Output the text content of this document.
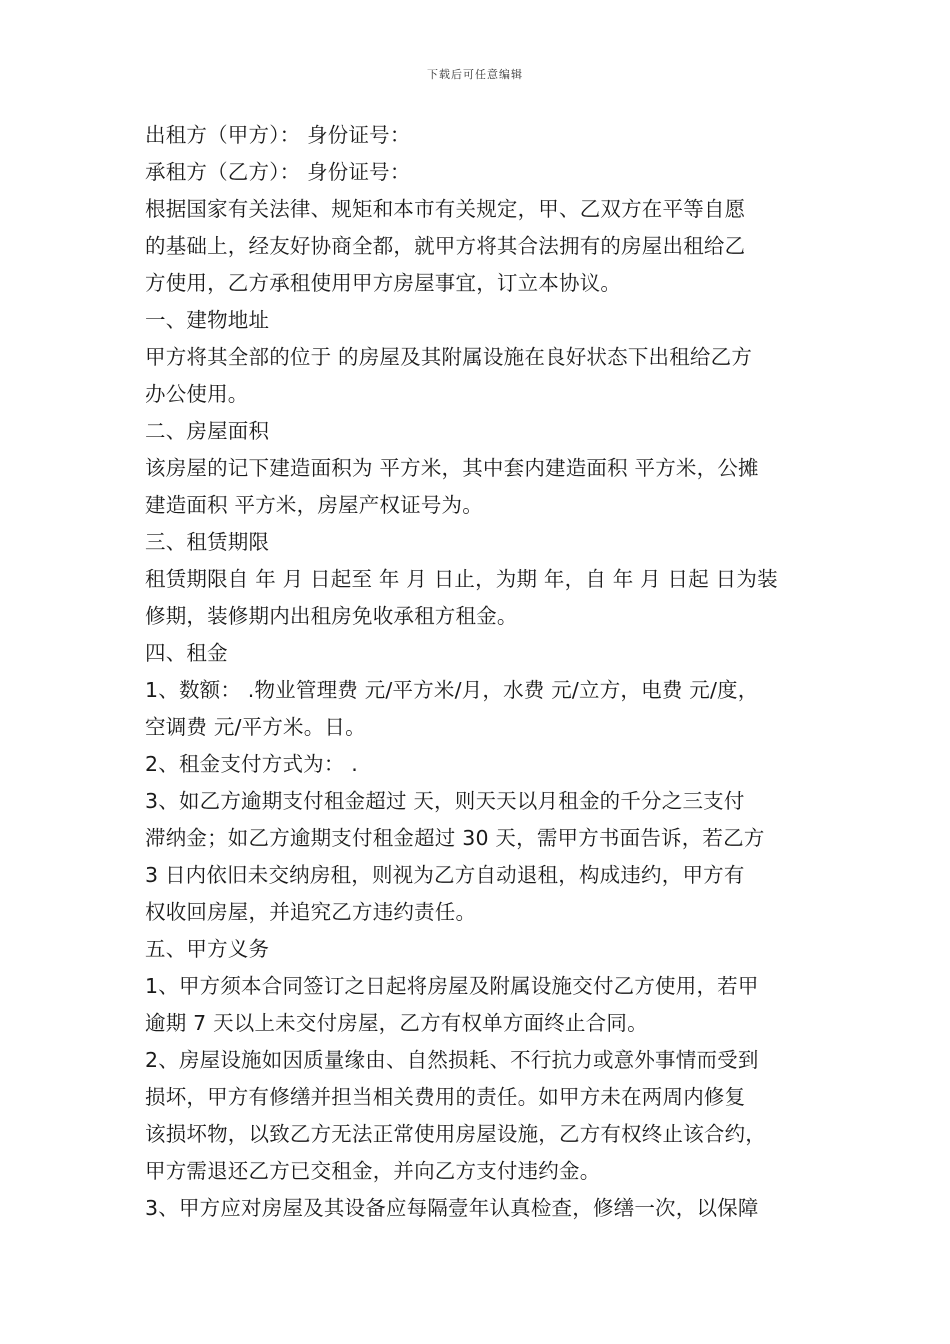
下载后可任意编辑
出租方（甲方）： 身份证号：
承租方（乙方）： 身份证号：
根据国家有关法律、规矩和本市有关规定，甲、乙双方在平等自愿
的基础上，经友好协商全都，就甲方将其合法拥有的房屋出租给乙
方使用，乙方承租使用甲方房屋事宜，订立本协议。
一、建物地址
甲方将其全部的位于 的房屋及其附属设施在良好状态下出租给乙方
办公使用。
二、房屋面积
该房屋的记下建造面积为 平方米，其中套内建造面积 平方米，公摊
建造面积 平方米，房屋产权证号为。
三、租赁期限
租赁期限自 年 月 日起至 年 月 日止，为期 年，自 年 月 日起 日为装
修期，装修期内出租房免收承租方租金。
四、租金
1、数额： .物业管理费 元/平方米/月，水费 元/立方，电费 元/度，
空调费 元/平方米。日。
2、租金支付方式为： .
3、如乙方逾期支付租金超过 天，则天天以月租金的千分之三支付
滞纳金；如乙方逾期支付租金超过 30 天，需甲方书面告诉，若乙方
3 日内依旧未交纳房租，则视为乙方自动退租，构成违约，甲方有
权收回房屋，并追究乙方违约责任。
五、甲方义务
1、甲方须本合同签订之日起将房屋及附属设施交付乙方使用，若甲
逾期 7 天以上未交付房屋，乙方有权单方面终止合同。
2、房屋设施如因质量缘由、自然损耗、不行抗力或意外事情而受到
损坏，甲方有修缮并担当相关费用的责任。如甲方未在两周内修复
该损坏物，以致乙方无法正常使用房屋设施，乙方有权终止该合约，
甲方需退还乙方已交租金，并向乙方支付违约金。
3、甲方应对房屋及其设备应每隔壹年认真检查，修缮一次，以保障
